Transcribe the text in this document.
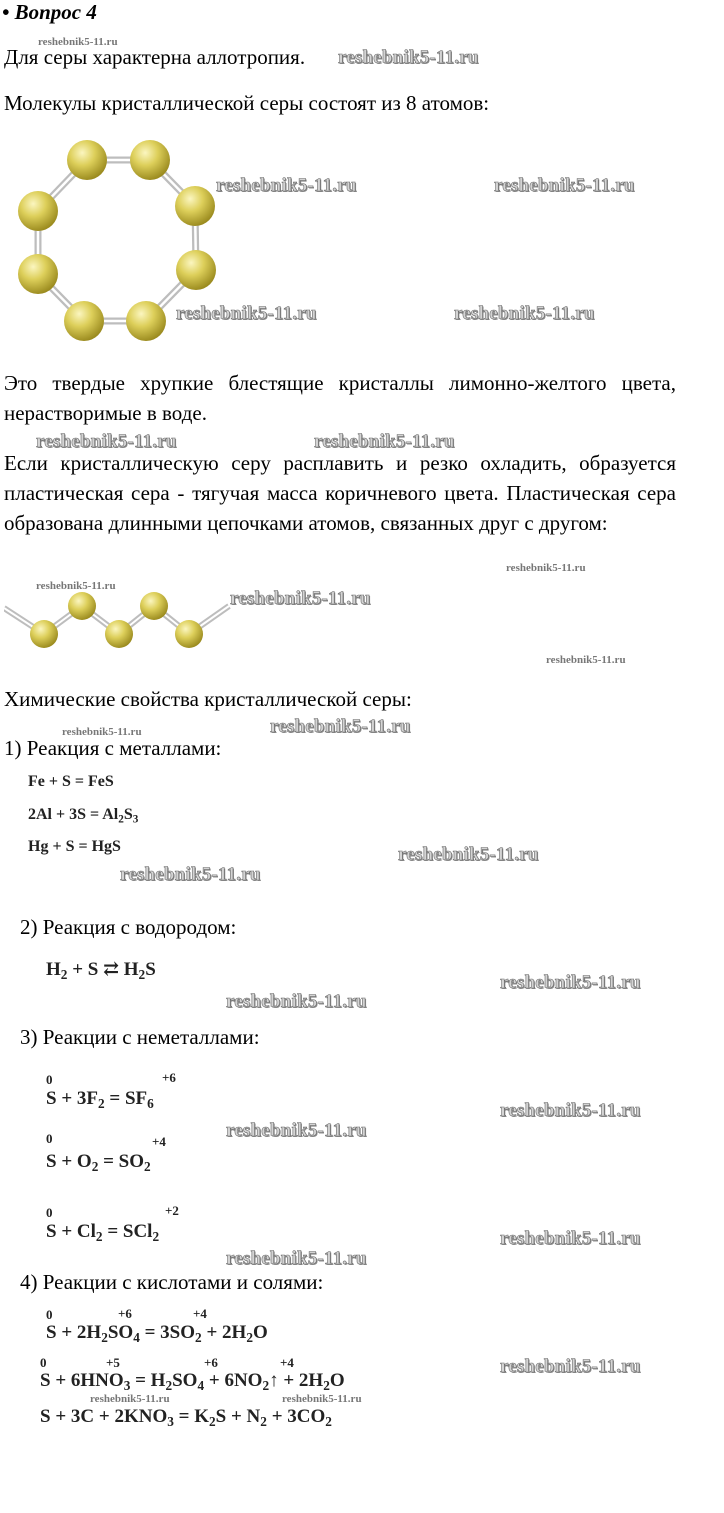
• Вопрос 4
Для серы характерна аллотропия.
Молекулы кристаллической серы состоят из 8 атомов:
Это твердые хрупкие блестящие кристаллы лимонно-желтого цвета, нерастворимые в воде.
Если кристаллическую серу расплавить и резко охладить, образуется пластическая сера - тягучая масса коричневого цвета. Пластическая сера образована длинными цепочками атомов, связанных друг с другом:
Химические свойства кристаллической серы:
1) Реакция с металлами:
Fe + S = FeS
$2Al + 3S = Al_2S_3$
Hg + S = HgS
2) Реакция с водородом:
$H_2 + S$ ⇄ $H_2S$
3) Реакции с неметаллами:
0	+6
$S + 3F_2 = SF_6$
0	+4
$S + O_2 = SO_2$
0	+2
$S + Cl_2 = SCl_2$
4) Реакции с кислотами и солями:
0	+6	+4
$S + 2H_2SO_4 = 3SO_2 + 2H_2O$
0	+5	+6	+4
$S + 6HNO_3 = H_2SO_4$ + $6NO_2↑ + 2H_2O$
$S + 3C + 2KNO_3 = K_2S + N_2 + 3CO_2$
reshebnik5-11.ru
reshebnik5-11.ru
reshebnik5-11.ru	reshebnik5-11.ru
reshebnik5-11.ru	reshebnik5-11.ru
reshebnik5-11.ru	reshebnik5-11.ru
reshebnik5-11.ru
reshebnik5-11.ru
reshebnik5-11.ru
reshebnik5-11.ru
reshebnik5-11.ru
reshebnik5-11.ru
reshebnik5-11.ru
reshebnik5-11.ru
reshebnik5-11.ru
reshebnik5-11.ru
reshebnik5-11.ru
reshebnik5-11.ru
reshebnik5-11.ru
reshebnik5-11.ru
reshebnik5-11.ru
reshebnik5-11.ru	reshebnik5-11.ru
